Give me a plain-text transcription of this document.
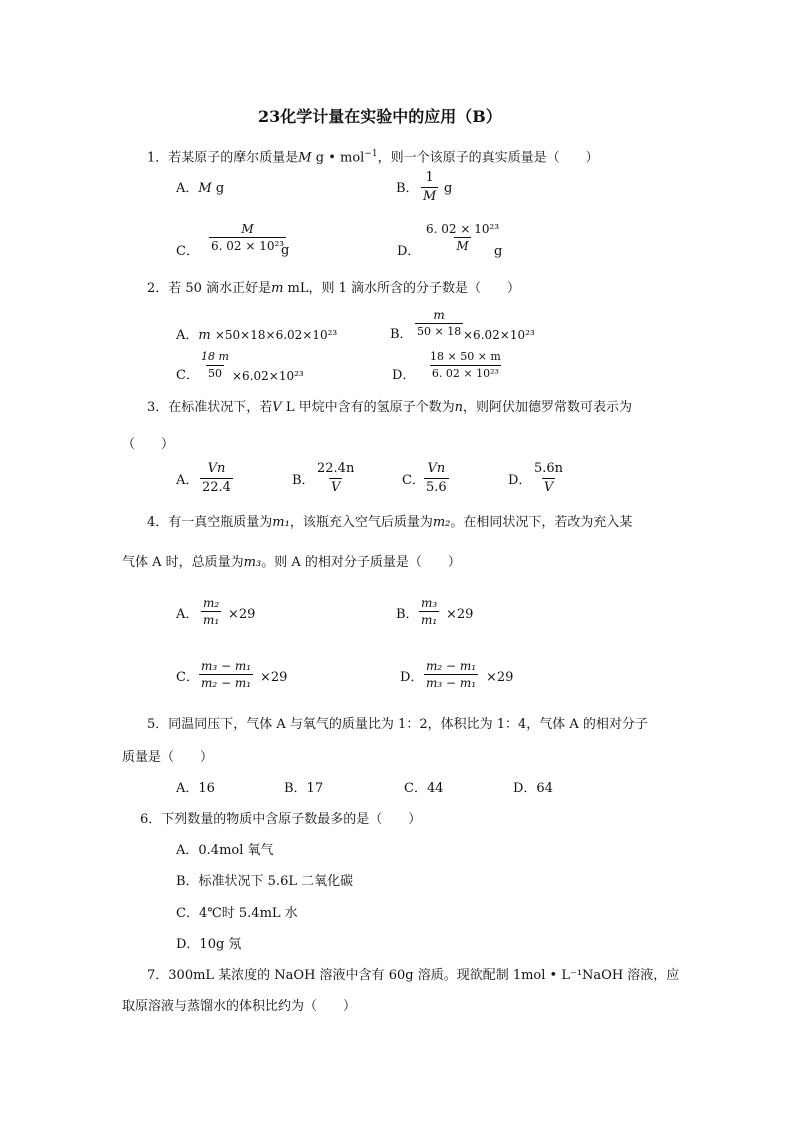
23化学计量在实验中的应用（B）
1．若某原子的摩尔质量是M g • mol$^{-1}$，则一个该原子的真实质量是（　　）
A．M g	B． $\frac{1}{M}$ g
C． $\frac{M}{\text{6. 02 × 10²³}}$
g	D． $\frac{\text{6. 02 × 10²³}}{M}$
g
2．若 50 滴水正好是m mL，则 1 滴水所含的分子数是（　　）
A．m ×50×18×6.02×10²³	B． $\frac{m}{50 \times 18} \times 6.02\times 10^{23}$
C． $\frac{18 m}{50} \times 6.02\times 10^{23}$	D． $\frac{18 \times 50 \times m}{\text{6. 02 × 10²³}}$
3．在标准状况下，若V L 甲烷中含有的氢原子个数为n，则阿伏加德罗常数可表示为
（　　）
A． $\frac{Vn}{22.4}$	B． $\frac{22.4n}{V}$	C． $\frac{Vn}{5.6}$	D． $\frac{5.6n}{V}$
4．有一真空瓶质量为m₁，该瓶充入空气后质量为m₂。在相同状况下，若改为充入某
气体 A 时，总质量为m₃。则 A 的相对分子质量是（　　）
A． $\frac{\text{m₂}}{\text{m₁}} \times 29$	B． $\frac{\text{m₃}}{\text{m₁}} \times 29$
C． $\frac{\text{m₃ − m₁}}{\text{m₂ − m₁}} \times 29$	D． $\frac{\text{m₂ − m₁}}{\text{m₃ − m₁}} \times 29$
5．同温同压下，气体 A 与氧气的质量比为 1：2，体积比为 1：4，气体 A 的相对分子
质量是（　　）
A．16	B．17	C．44	D．64
6．下列数量的物质中含原子数最多的是（　　）
A．0.4mol 氧气
B．标准状况下 5.6L 二氧化碳
C．4℃时 5.4mL 水
D．10g 氖
7．300mL 某浓度的 NaOH 溶液中含有 60g 溶质。现欲配制 1mol • L⁻¹NaOH 溶液，应
取原溶液与蒸馏水的体积比约为（　　）
